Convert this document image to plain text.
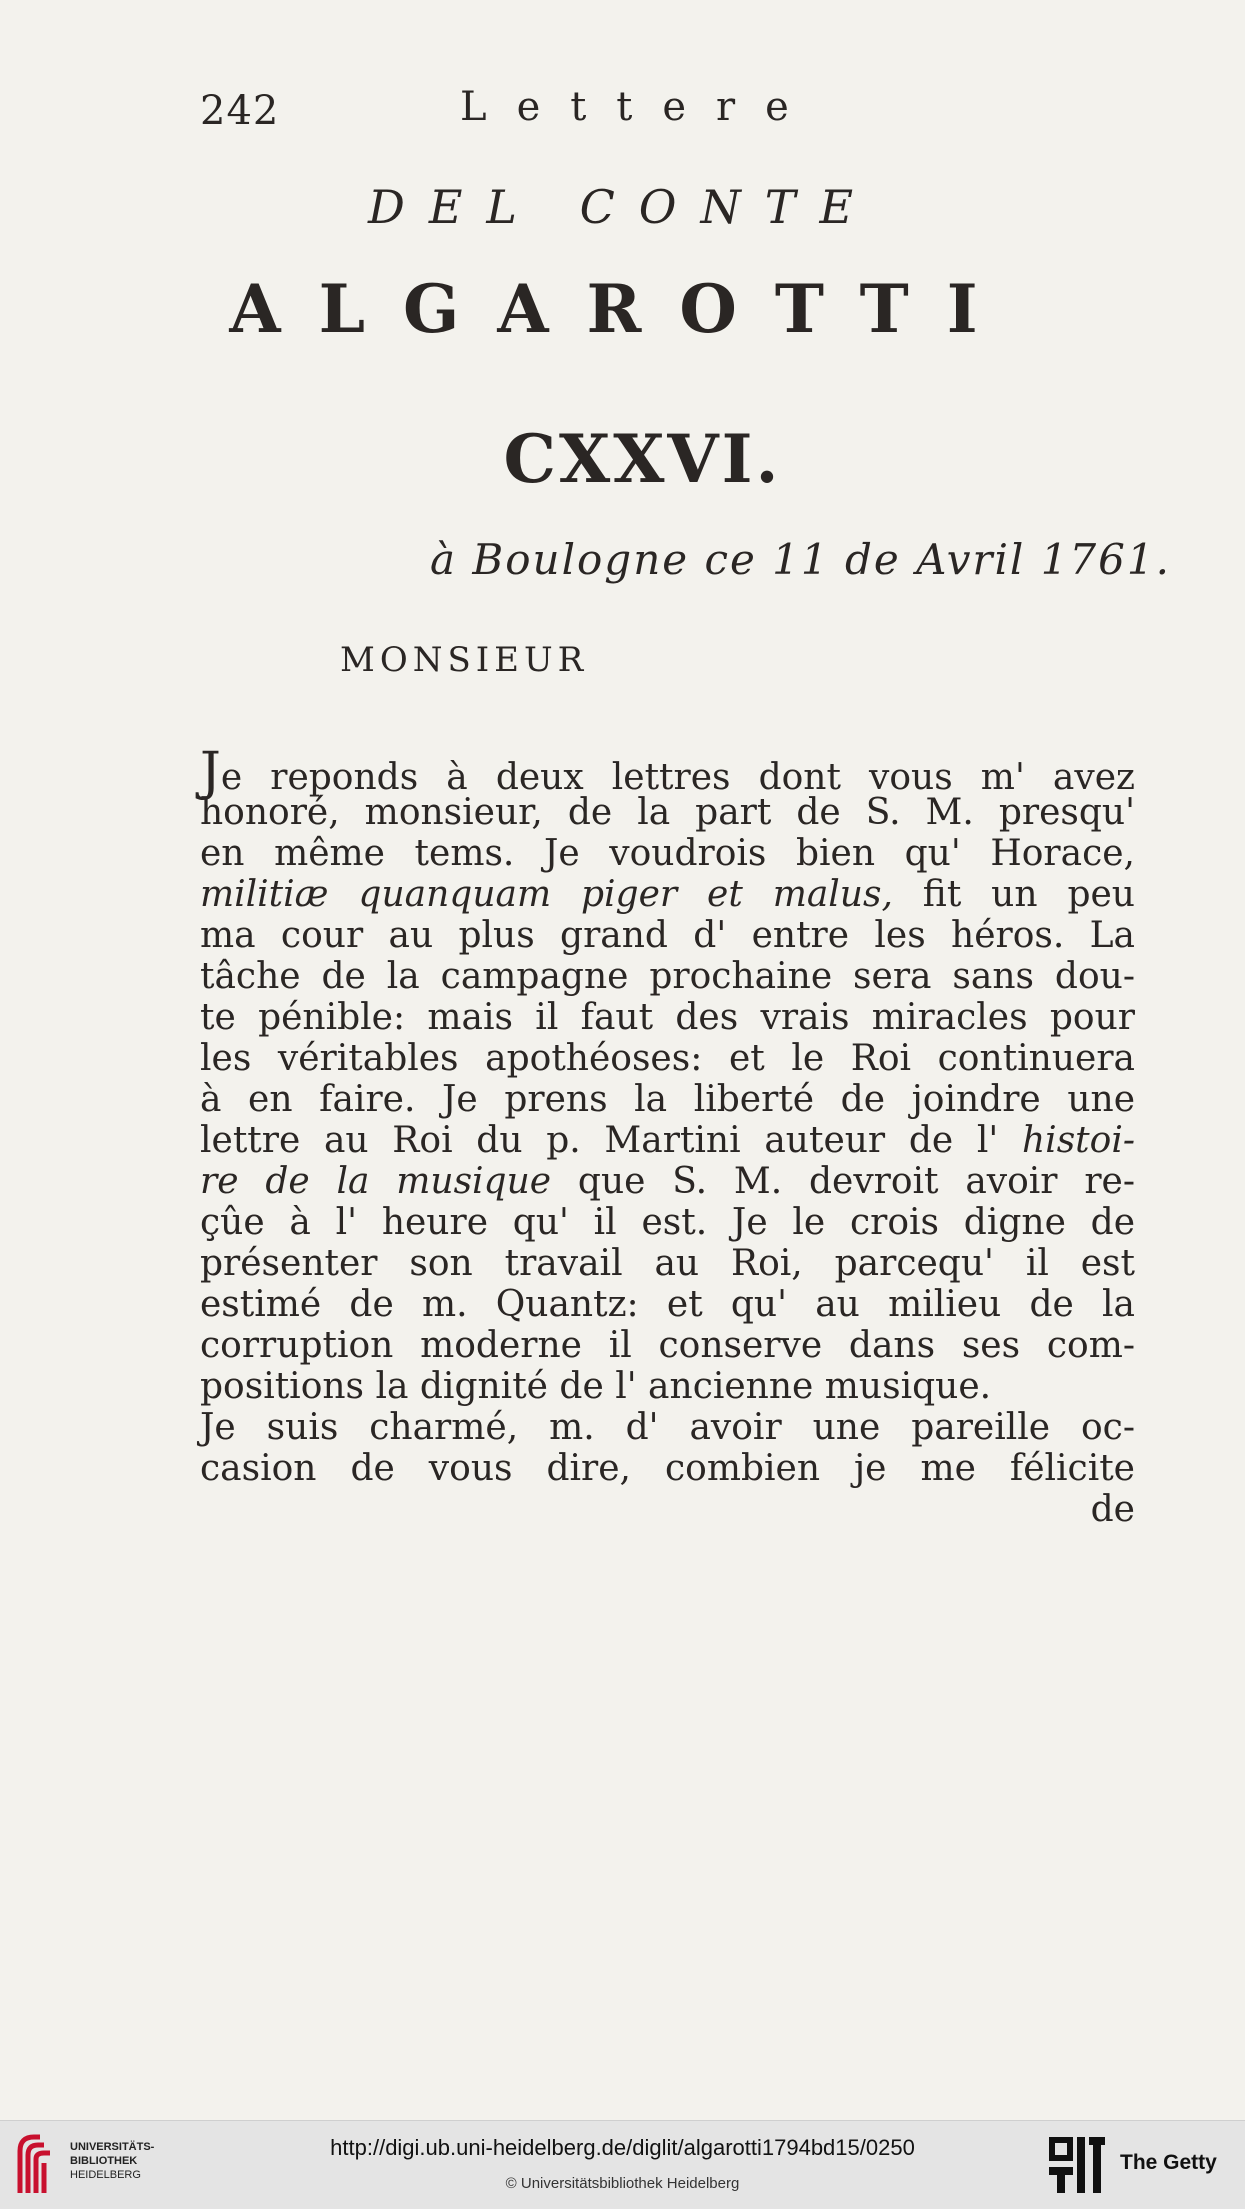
242	Lettere
DEL CONTE
ALGAROTTI
CXXVI.
à Boulogne ce 11 de Avril 1761.
MONSIEUR
Je reponds à deux lettres dont vous m' avez
honoré, monsieur, de la part de S. M. presqu'
en même tems. Je voudrois bien qu' Horace,
militiæ quanquam piger et malus, fit un peu
ma cour au plus grand d' entre les héros. La
tâche de la campagne prochaine sera sans dou-
te pénible: mais il faut des vrais miracles pour
les véritables apothéoses: et le Roi continuera
à en faire. Je prens la liberté de joindre une
lettre au Roi du p. Martini auteur de l' histoi-
re de la musique que S. M. devroit avoir re-
çûe à l' heure qu' il est. Je le crois digne de
présenter son travail au Roi, parcequ' il est
estimé de m. Quantz: et qu' au milieu de la
corruption moderne il conserve dans ses com-
positions la dignité de l' ancienne musique.
Je suis charmé, m. d' avoir une pareille oc-
casion de vous dire, combien je me félicite
de
UNIVERSITÄTS-
BIBLIOTHEK
HEIDELBERG
http://digi.ub.uni-heidelberg.de/diglit/algarotti1794bd15/0250
© Universitätsbibliothek Heidelberg
The Getty
